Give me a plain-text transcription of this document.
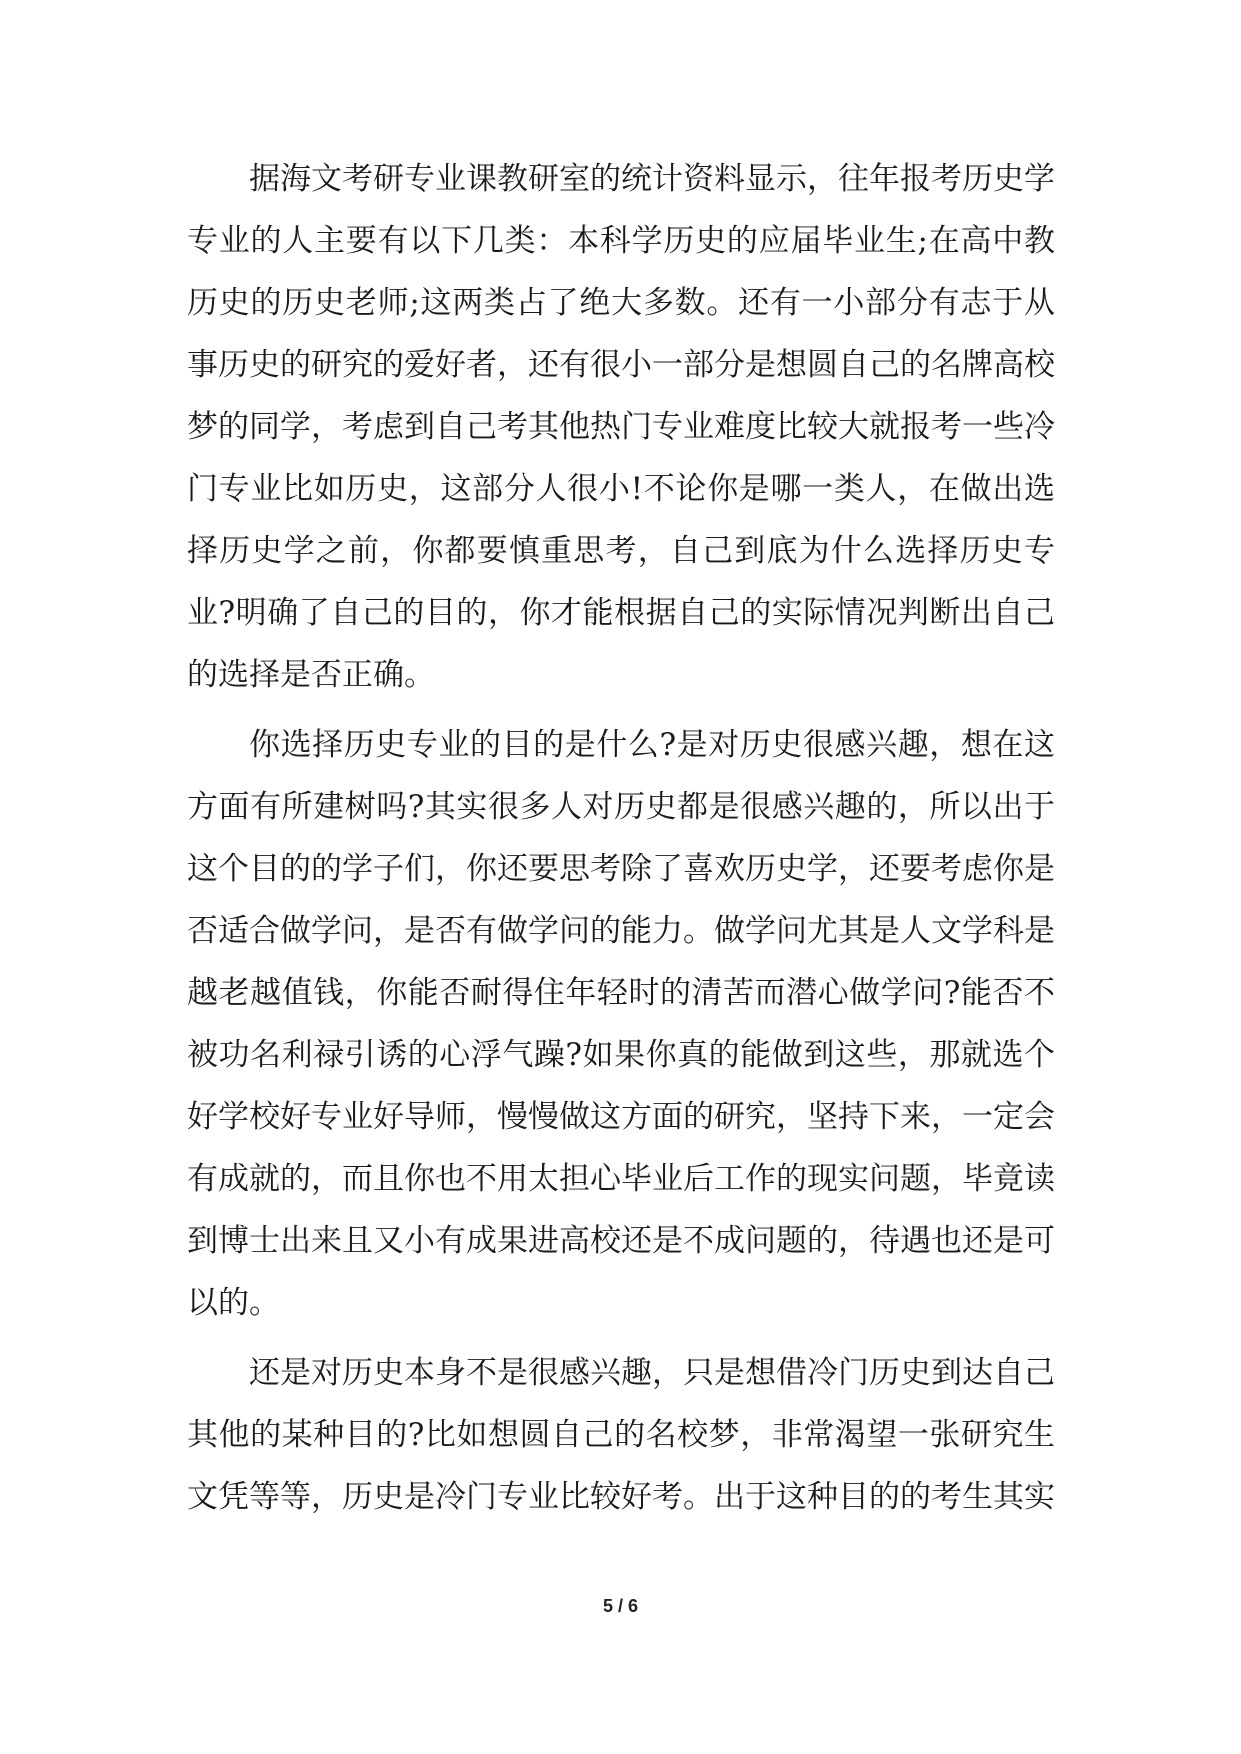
据海文考研专业课教研室的统计资料显示，往年报考历史学专业的人主要有以下几类：本科学历史的应届毕业生;在高中教历史的历史老师;这两类占了绝大多数。还有一小部分有志于从事历史的研究的爱好者，还有很小一部分是想圆自己的名牌高校梦的同学，考虑到自己考其他热门专业难度比较大就报考一些冷门专业比如历史，这部分人很小!不论你是哪一类人，在做出选择历史学之前，你都要慎重思考，自己到底为什么选择历史专业?明确了自己的目的，你才能根据自己的实际情况判断出自己的选择是否正确。

你选择历史专业的目的是什么?是对历史很感兴趣，想在这方面有所建树吗?其实很多人对历史都是很感兴趣的，所以出于这个目的的学子们，你还要思考除了喜欢历史学，还要考虑你是否适合做学问，是否有做学问的能力。做学问尤其是人文学科是越老越值钱，你能否耐得住年轻时的清苦而潜心做学问?能否不被功名利禄引诱的心浮气躁?如果你真的能做到这些，那就选个好学校好专业好导师，慢慢做这方面的研究，坚持下来，一定会有成就的，而且你也不用太担心毕业后工作的现实问题，毕竟读到博士出来且又小有成果进高校还是不成问题的，待遇也还是可以的。

还是对历史本身不是很感兴趣，只是想借冷门历史到达自己其他的某种目的?比如想圆自己的名校梦，非常渴望一张研究生文凭等等，历史是冷门专业比较好考。出于这种目的的考生其实

5 / 6
